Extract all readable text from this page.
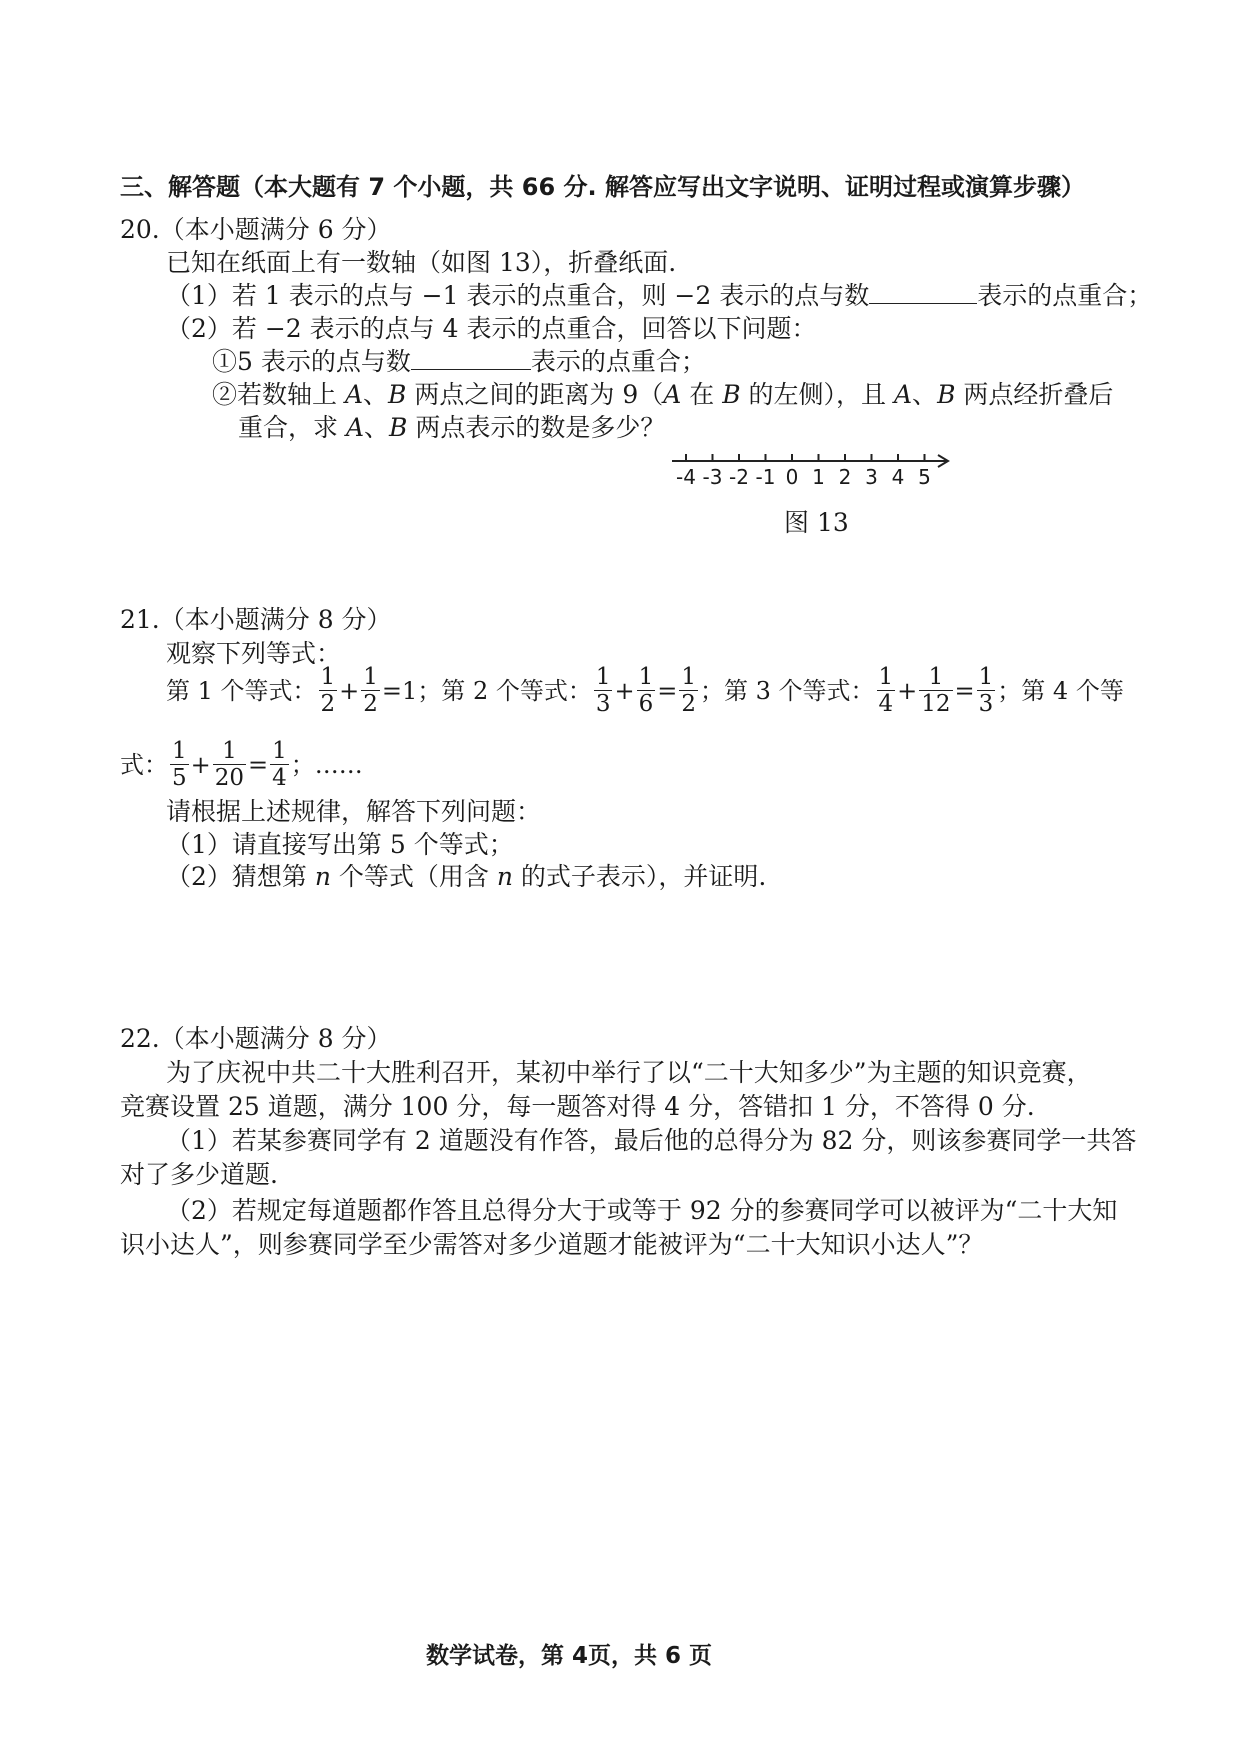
三、解答题（本大题有 7 个小题，共 66 分. 解答应写出文字说明、证明过程或演算步骤）
20.（本小题满分 6 分）
已知在纸面上有一数轴（如图 13），折叠纸面.
（1）若 1 表示的点与 −1 表示的点重合，则 −2 表示的点与数	表示的点重合；
（2）若 −2 表示的点与 4 表示的点重合，回答以下问题：
①5 表示的点与数	表示的点重合；
②若数轴上 A、B 两点之间的距离为 9（A 在 B 的左侧），且 A、B 两点经折叠后
重合，求 A、B 两点表示的数是多少？
-4 -3 -2 -1 0 1 2 3 4 5
图 13
21.（本小题满分 8 分）
观察下列等式：
第 1 个等式： $\frac{1}{2} + \frac{1}{2} =1$ ；第 2 个等式： $\frac{1}{3} + \frac{1}{6} = \frac{1}{2}$ ；第 3 个等式： $\frac{1}{4} + \frac{1}{12} = \frac{1}{3}$ ；第 4 个等
式： $\frac{1}{5} + \frac{1}{20} = \frac{1}{4}$ ；……
请根据上述规律，解答下列问题：
（1）请直接写出第 5 个等式；
（2）猜想第 n 个等式（用含 n 的式子表示），并证明.
22.（本小题满分 8 分）
为了庆祝中共二十大胜利召开，某初中举行了以“二十大知多少”为主题的知识竞赛，
竞赛设置 25 道题，满分 100 分，每一题答对得 4 分，答错扣 1 分，不答得 0 分.
（1）若某参赛同学有 2 道题没有作答，最后他的总得分为 82 分，则该参赛同学一共答
对了多少道题.
（2）若规定每道题都作答且总得分大于或等于 92 分的参赛同学可以被评为“二十大知
识小达人”，则参赛同学至少需答对多少道题才能被评为“二十大知识小达人”？
数学试卷，第 4页，共 6 页
